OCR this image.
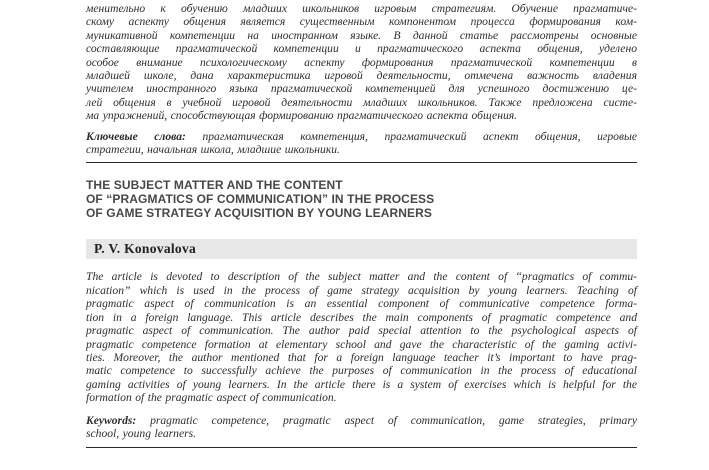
менительно к обучению младших школьников игровым стратегиям. Обучение прагматиче-
скому аспекту общения является существенным компонентом процесса формирования ком-
муникативной компетенции на иностранном языке. В данной статье рассмотрены основные
составляющие прагматической компетенции и прагматического аспекта общения, уделено
особое внимание психологическому аспекту формирования прагматической компетенции в
младшей школе, дана характеристика игровой деятельности, отмечена важность владения
учителем иностранного языка прагматической компетенцией для успешного достижению це-
лей общения в учебной игровой деятельности младших школьников. Также предложена систе-
ма упражнений, способствующая формированию прагматического аспекта общения.
Ключевые слова: прагматическая компетенция, прагматический аспект общения, игровые
стратегии, начальная школа, младшие школьники.
THE SUBJECT MATTER AND THE CONTENT
OF “PRAGMATICS OF COMMUNICATION” IN THE PROCESS
OF GAME STRATEGY ACQUISITION BY YOUNG LEARNERS
P. V. Konovalova
The article is devoted to description of the subject matter and the content of “pragmatics of commu-
nication” which is used in the process of game strategy acquisition by young learners. Teaching of
pragmatic aspect of communication is an essential component of communicative competence forma-
tion in a foreign language. This article describes the main components of pragmatic competence and
pragmatic aspect of communication. The author paid special attention to the psychological aspects of
pragmatic competence formation at elementary school and gave the characteristic of the gaming activi-
ties. Moreover, the author mentioned that for a foreign language teacher it’s important to have prag-
matic competence to successfully achieve the purposes of communication in the process of educational
gaming activities of young learners. In the article there is a system of exercises which is helpful for the
formation of the pragmatic aspect of communication.
Keywords: pragmatic competence, pragmatic aspect of communication, game strategies, primary
school, young learners.
